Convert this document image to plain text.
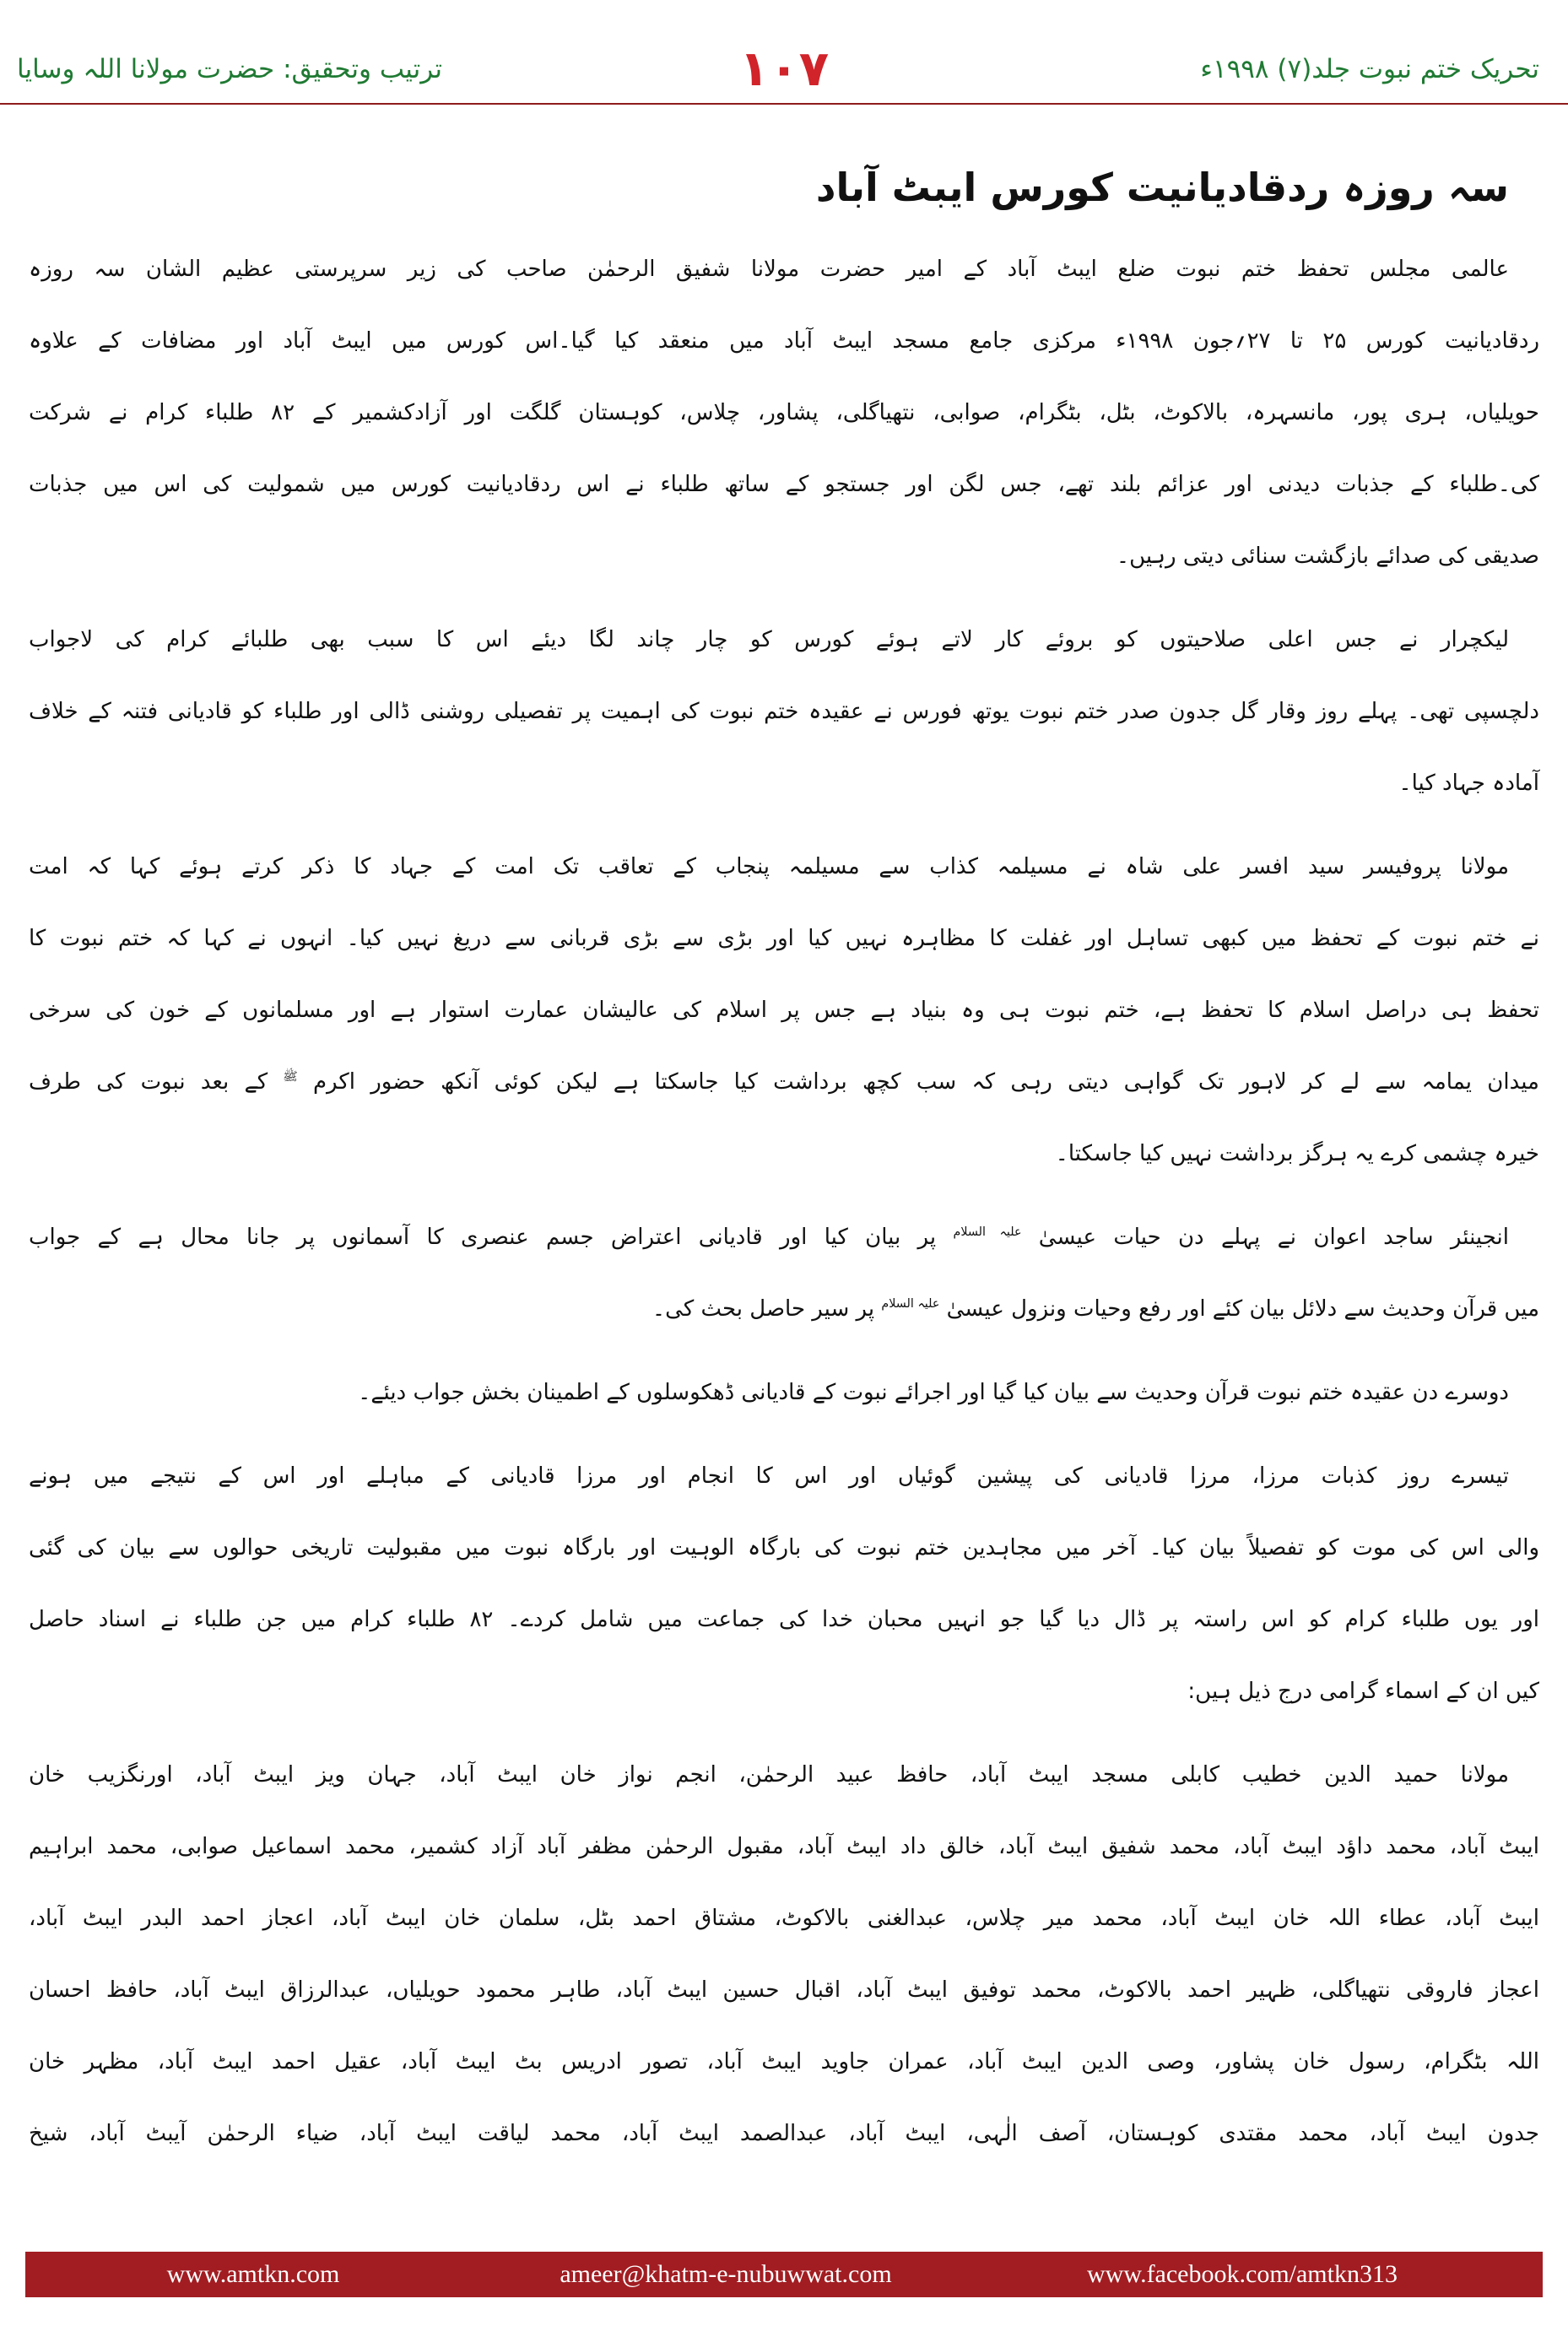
تحریک ختم نبوت جلد(۷) ۱۹۹۸ء
۱۰۷
ترتیب وتحقیق: حضرت مولانا اللہ وسایا
سہ روزہ ردقادیانیت کورس ایبٹ آباد
عالمی مجلس تحفظ ختم نبوت ضلع ایبٹ آباد کے امیر حضرت مولانا شفیق الرحمٰن صاحب کی زیر سرپرستی عظیم الشان سہ روزہ
ردقادیانیت کورس ۲۵ تا ۲۷؍جون ۱۹۹۸ء مرکزی جامع مسجد ایبٹ آباد میں منعقد کیا گیا۔اس کورس میں ایبٹ آباد اور مضافات کے علاوہ
حویلیاں، ہری پور، مانسہرہ، بالاکوٹ، بٹل، بٹگرام، صوابی، نتھیاگلی، پشاور، چلاس، کوہستان گلگت اور آزادکشمیر کے ۸۲ طلباء کرام نے شرکت
کی۔طلباء کے جذبات دیدنی اور عزائم بلند تھے، جس لگن اور جستجو کے ساتھ طلباء نے اس ردقادیانیت کورس میں شمولیت کی اس میں جذبات
صدیقی کی صدائے بازگشت سنائی دیتی رہیں۔
لیکچرار نے جس اعلی صلاحیتوں کو بروئے کار لاتے ہوئے کورس کو چار چاند لگا دیئے اس کا سبب بھی طلبائے کرام کی لاجواب
دلچسپی تھی۔ پہلے روز وقار گل جدون صدر ختم نبوت یوتھ فورس نے عقیدہ ختم نبوت کی اہمیت پر تفصیلی روشنی ڈالی اور طلباء کو قادیانی فتنہ کے خلاف
آمادہ جہاد کیا۔
مولانا پروفیسر سید افسر علی شاہ نے مسیلمہ کذاب سے مسیلمہ پنجاب کے تعاقب تک امت کے جہاد کا ذکر کرتے ہوئے کہا کہ امت
نے ختم نبوت کے تحفظ میں کبھی تساہل اور غفلت کا مظاہرہ نہیں کیا اور بڑی سے بڑی قربانی سے دریغ نہیں کیا۔ انہوں نے کہا کہ ختم نبوت کا
تحفظ ہی دراصل اسلام کا تحفظ ہے، ختم نبوت ہی وہ بنیاد ہے جس پر اسلام کی عالیشان عمارت استوار ہے اور مسلمانوں کے خون کی سرخی
میدان یمامہ سے لے کر لاہور تک گواہی دیتی رہی کہ سب کچھ برداشت کیا جاسکتا ہے لیکن کوئی آنکھ حضور اکرم $^ﷺ$ کے بعد نبوت کی طرف
خیرہ چشمی کرے یہ ہرگز برداشت نہیں کیا جاسکتا۔
انجینئر ساجد اعوان نے پہلے دن حیات عیسیٰ $^{علیہ السلام}$ پر بیان کیا اور قادیانی اعتراض جسم عنصری کا آسمانوں پر جانا محال ہے کے جواب
میں قرآن وحدیث سے دلائل بیان کئے اور رفع وحیات ونزول عیسیٰ $^{علیہ السلام}$ پر سیر حاصل بحث کی۔
دوسرے دن عقیدہ ختم نبوت قرآن وحدیث سے بیان کیا گیا اور اجرائے نبوت کے قادیانی ڈھکوسلوں کے اطمینان بخش جواب دیئے۔
تیسرے روز کذبات مرزا، مرزا قادیانی کی پیشین گوئیاں اور اس کا انجام اور مرزا قادیانی کے مباہلے اور اس کے نتیجے میں ہونے
والی اس کی موت کو تفصیلاً بیان کیا۔ آخر میں مجاہدین ختم نبوت کی بارگاہ الوہیت اور بارگاہ نبوت میں مقبولیت تاریخی حوالوں سے بیان کی گئی
اور یوں طلباء کرام کو اس راستہ پر ڈال دیا گیا جو انہیں محبان خدا کی جماعت میں شامل کردے۔ ۸۲ طلباء کرام میں جن طلباء نے اسناد حاصل
کیں ان کے اسماء گرامی درج ذیل ہیں:
مولانا حمید الدین خطیب کابلی مسجد ایبٹ آباد، حافظ عبید الرحمٰن، انجم نواز خان ایبٹ آباد، جہان ویز ایبٹ آباد، اورنگزیب خان
ایبٹ آباد، محمد داؤد ایبٹ آباد، محمد شفیق ایبٹ آباد، خالق داد ایبٹ آباد، مقبول الرحمٰن مظفر آباد آزاد کشمیر، محمد اسماعیل صوابی، محمد ابراہیم
ایبٹ آباد، عطاء اللہ خان ایبٹ آباد، محمد میر چلاس، عبدالغنی بالاکوٹ، مشتاق احمد بٹل، سلمان خان ایبٹ آباد، اعجاز احمد البدر ایبٹ آباد،
اعجاز فاروقی نتھیاگلی، ظہیر احمد بالاکوٹ، محمد توفیق ایبٹ آباد، اقبال حسین ایبٹ آباد، طاہر محمود حویلیاں، عبدالرزاق ایبٹ آباد، حافظ احسان
اللہ بٹگرام، رسول خان پشاور، وصی الدین ایبٹ آباد، عمران جاوید ایبٹ آباد، تصور ادریس بٹ ایبٹ آباد، عقیل احمد ایبٹ آباد، مظہر خان
جدون ایبٹ آباد، محمد مقتدی کوہستان، آصف الٰہی، ایبٹ آباد، عبدالصمد ایبٹ آباد، محمد لیاقت ایبٹ آباد، ضیاء الرحمٰن آیبٹ آباد، شیخ
www.amtkn.com	ameer@khatm-e-nubuwwat.com	www.facebook.com/amtkn313
